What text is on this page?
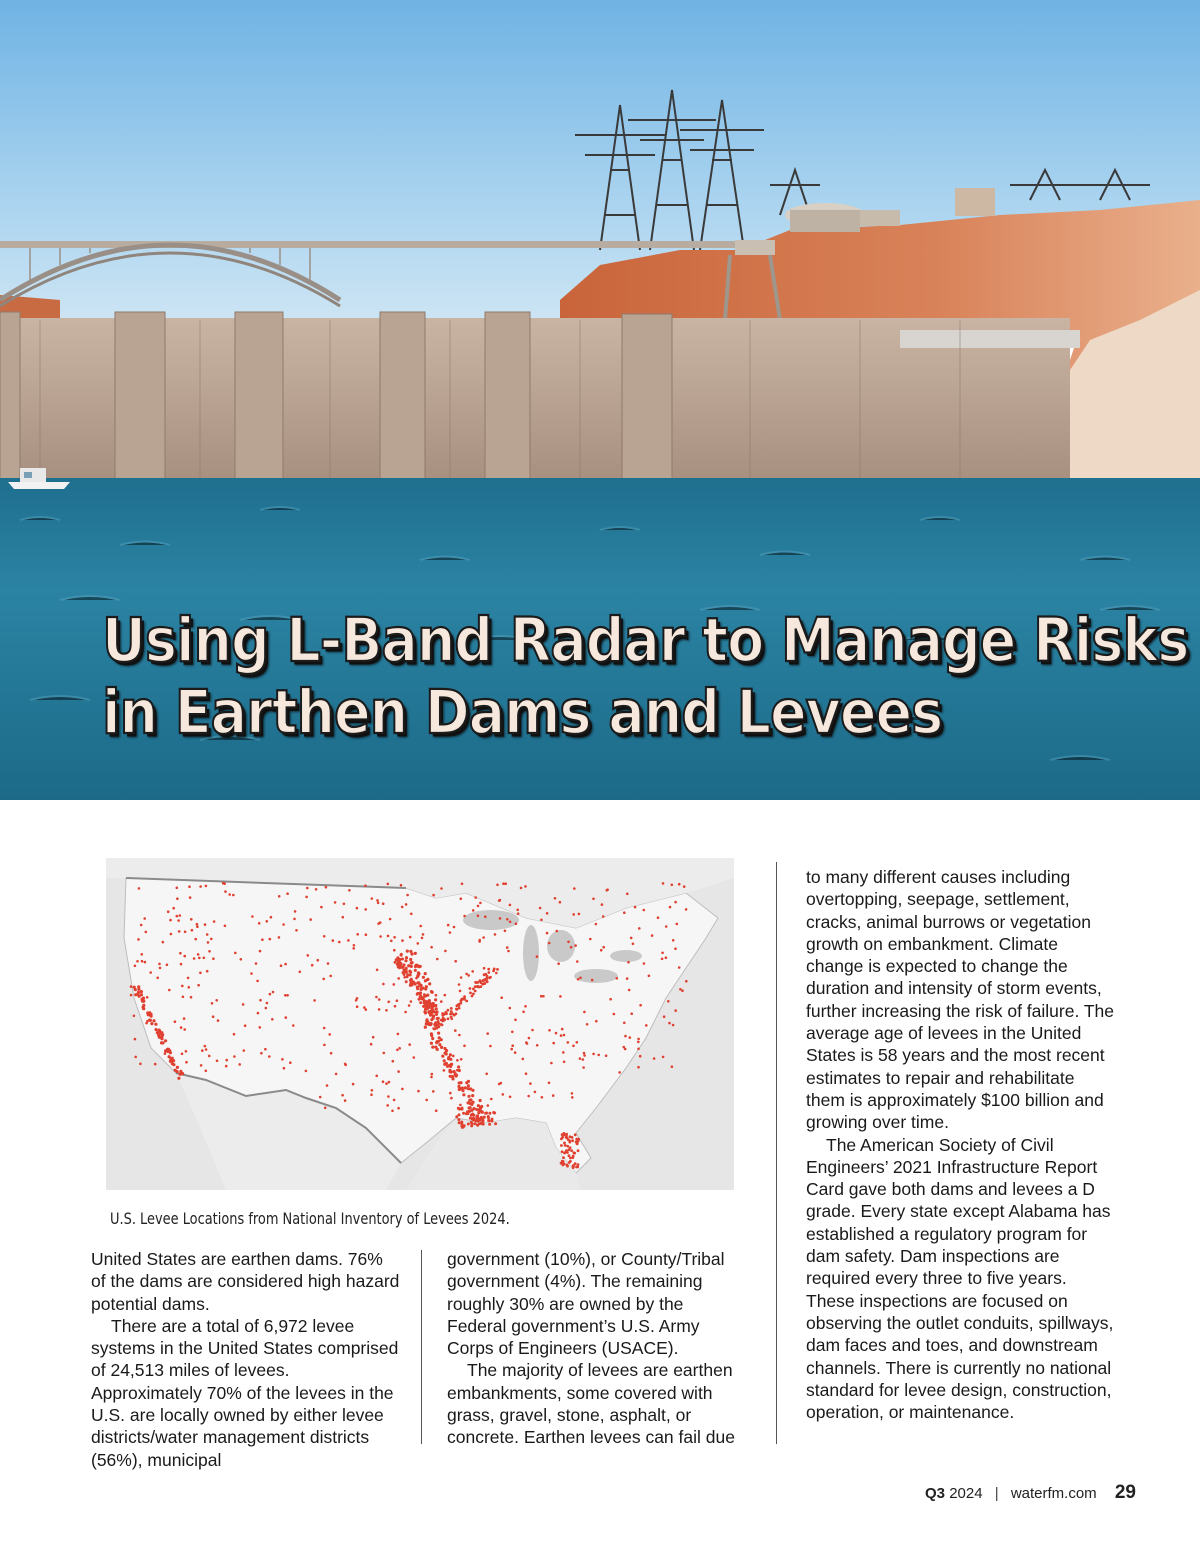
Using L-Band Radar to Manage Risks
in Earthen Dams and Levees

U.S. Levee Locations from National Inventory of Levees 2024.

United States are earthen dams. 76% of the dams are considered high hazard potential dams.

There are a total of 6,972 levee systems in the United States comprised of 24,513 miles of levees. Approximately 70% of the levees in the U.S. are locally owned by either levee districts/water management districts (56%), municipal

government (10%), or County/Tribal government (4%). The remaining roughly 30% are owned by the Federal government’s U.S. Army Corps of Engineers (USACE).

The majority of levees are earthen embankments, some covered with grass, gravel, stone, asphalt, or concrete. Earthen levees can fail due

to many different causes including overtopping, seepage, settlement, cracks, animal burrows or vegetation growth on embankment. Climate change is expected to change the duration and intensity of storm events, further increasing the risk of failure. The average age of levees in the United States is 58 years and the most recent estimates to repair and rehabilitate them is approximately $100 billion and growing over time.

The American Society of Civil Engineers’ 2021 Infrastructure Report Card gave both dams and levees a D grade. Every state except Alabama has established a regulatory program for dam safety. Dam inspections are required every three to five years. These inspections are focused on observing the outlet conduits, spillways, dam faces and toes, and downstream channels. There is currently no national standard for levee design, construction, operation, or maintenance.

Q3 2024 | waterfm.com 29
